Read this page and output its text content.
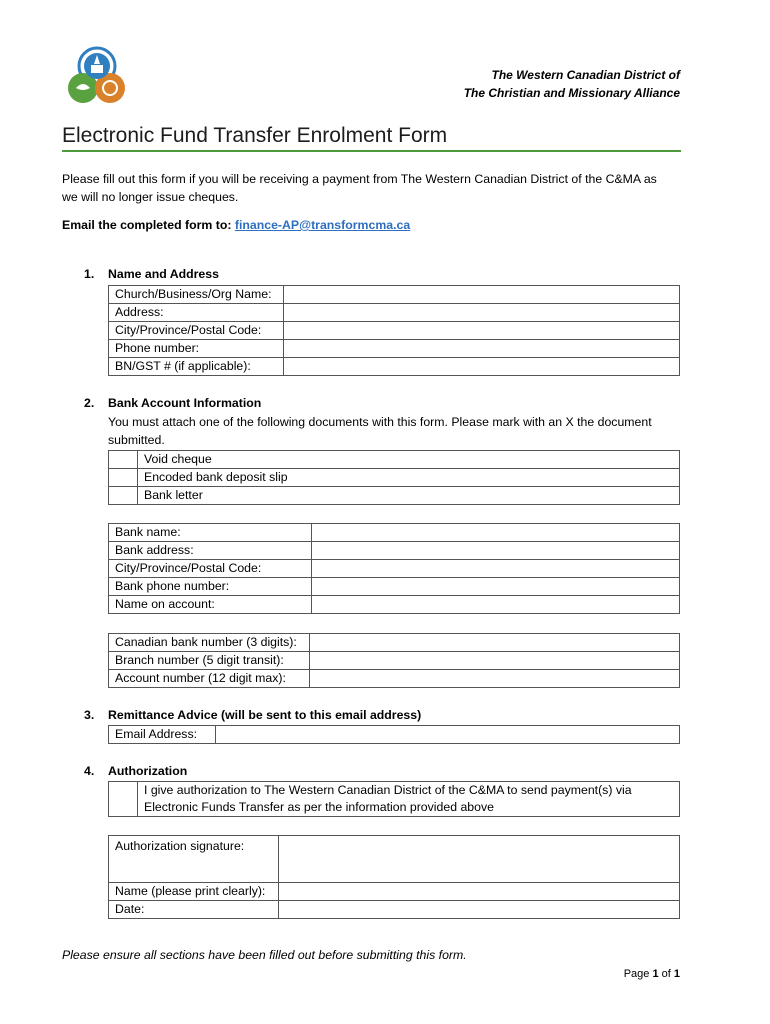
The Western Canadian District of
The Christian and Missionary Alliance
Electronic Fund Transfer Enrolment Form
Please fill out this form if you will be receiving a payment from The Western Canadian District of the C&MA as we will no longer issue cheques.
Email the completed form to: finance-AP@transformcma.ca
1. Name and Address
Church/Business/Org Name:	
Address:	
City/Province/Postal Code:	
Phone number:	
BN/GST # (if applicable):	
2. Bank Account Information
You must attach one of the following documents with this form. Please mark with an X the document submitted.
	Void cheque
	Encoded bank deposit slip
	Bank letter
Bank name:	
Bank address:	
City/Province/Postal Code:	
Bank phone number:	
Name on account:	
Canadian bank number (3 digits):	
Branch number (5 digit transit):	
Account number (12 digit max):	
3. Remittance Advice (will be sent to this email address)
Email Address:	
4. Authorization

I give authorization to The Western Canadian District of the C&MA to send payment(s) via
Electronic Funds Transfer as per the information provided above
Authorization signature:	
Name (please print clearly):	
Date:	
Please ensure all sections have been filled out before submitting this form.
Page 1 of 1
